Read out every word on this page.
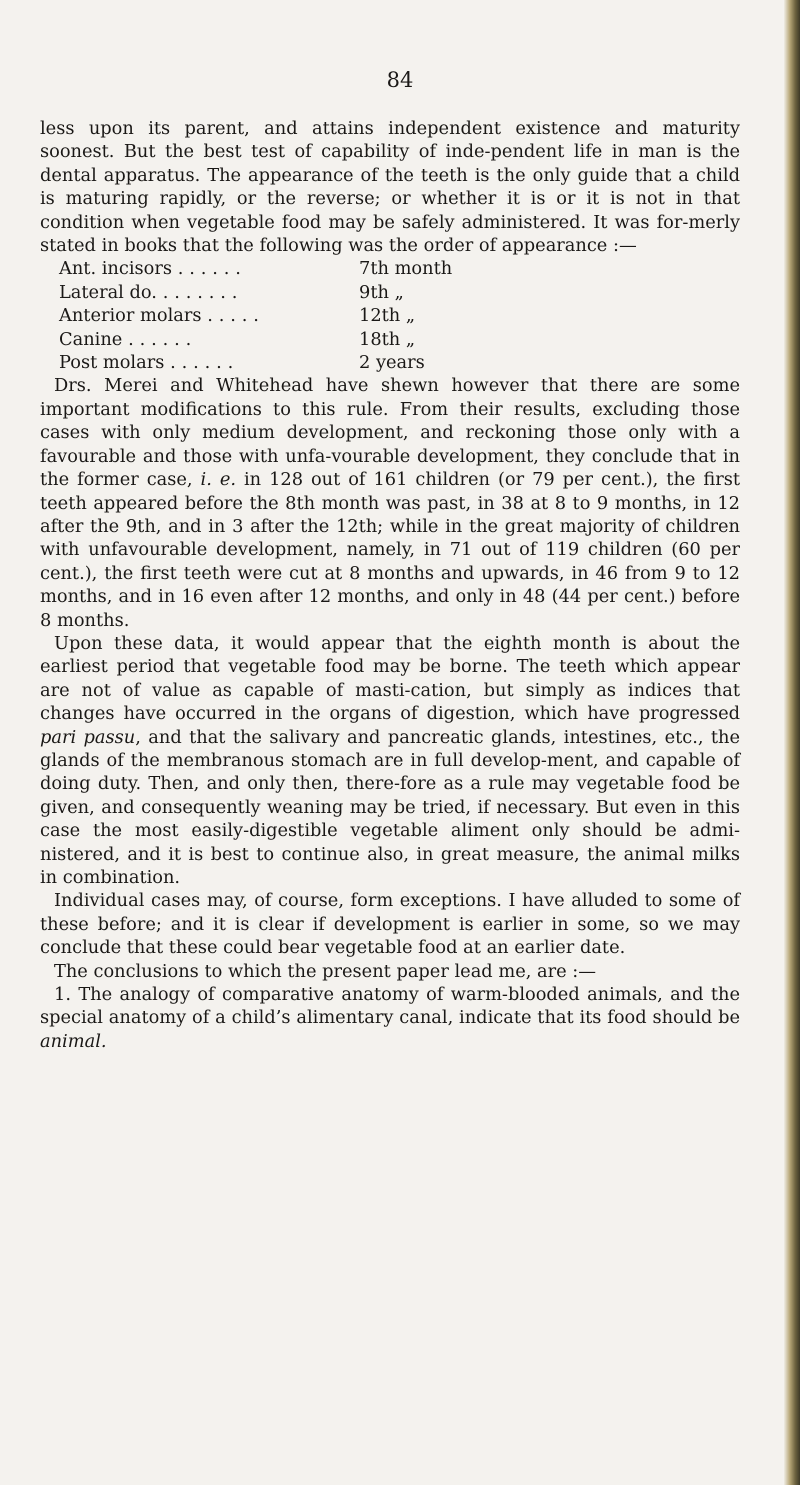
84

less upon its parent, and attains independent existence and maturity soonest. But the best test of capability of inde-pendent life in man is the dental apparatus. The appearance of the teeth is the only guide that a child is maturing rapidly, or the reverse; or whether it is or it is not in that condition when vegetable food may be safely administered. It was for-merly stated in books that the following was the order of appearance :—

Ant. incisors . . . . . .	7th month
Lateral do. . . . . . . .	9th „
Anterior molars . . . . .	12th „
Canine . . . . . .	18th „
Post molars . . . . . .	2 years

Drs. Merei and Whitehead have shewn however that there are some important modifications to this rule. From their results, excluding those cases with only medium development, and reckoning those only with a favourable and those with unfa-vourable development, they conclude that in the former case, i. e. in 128 out of 161 children (or 79 per cent.), the first teeth appeared before the 8th month was past, in 38 at 8 to 9 months, in 12 after the 9th, and in 3 after the 12th; while in the great majority of children with unfavourable development, namely, in 71 out of 119 children (60 per cent.), the first teeth were cut at 8 months and upwards, in 46 from 9 to 12 months, and in 16 even after 12 months, and only in 48 (44 per cent.) before 8 months.

Upon these data, it would appear that the eighth month is about the earliest period that vegetable food may be borne. The teeth which appear are not of value as capable of masti-cation, but simply as indices that changes have occurred in the organs of digestion, which have progressed pari passu, and that the salivary and pancreatic glands, intestines, etc., the glands of the membranous stomach are in full develop-ment, and capable of doing duty. Then, and only then, there-fore as a rule may vegetable food be given, and consequently weaning may be tried, if necessary. But even in this case the most easily-digestible vegetable aliment only should be admi-nistered, and it is best to continue also, in great measure, the animal milks in combination.

Individual cases may, of course, form exceptions. I have alluded to some of these before; and it is clear if development is earlier in some, so we may conclude that these could bear vegetable food at an earlier date.

The conclusions to which the present paper lead me, are :—

1. The analogy of comparative anatomy of warm-blooded animals, and the special anatomy of a child’s alimentary canal, indicate that its food should be animal.
